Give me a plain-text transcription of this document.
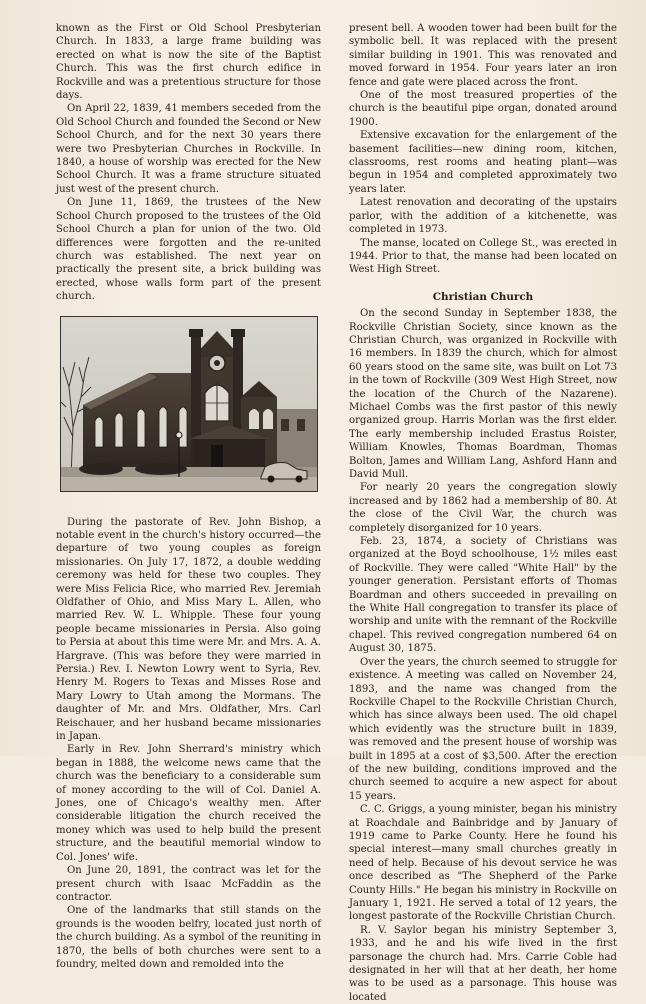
known as the First or Old School Presbyterian Church. In 1833, a large frame building was erected on what is now the site of the Baptist Church. This was the first church edifice in Rockville and was a pretentious structure for those days.

On April 22, 1839, 41 members seceded from the Old School Church and founded the Second or New School Church, and for the next 30 years there were two Presbyterian Churches in Rockville. In 1840, a house of worship was erected for the New School Church. It was a frame structure situated just west of the present church.

On June 11, 1869, the trustees of the New School Church proposed to the trustees of the Old School Church a plan for union of the two. Old differences were forgotten and the re-united church was established. The next year on practically the present site, a brick building was erected, whose walls form part of the present church.

During the pastorate of Rev. John Bishop, a notable event in the church's history occurred—the departure of two young couples as foreign missionaries. On July 17, 1872, a double wedding ceremony was held for these two couples. They were Miss Felicia Rice, who married Rev. Jeremiah Oldfather of Ohio, and Miss Mary L. Allen, who married Rev. W. L. Whipple. These four young people became missionaries in Persia. Also going to Persia at about this time were Mr. and Mrs. A. A. Hargrave. (This was before they were married in Persia.) Rev. I. Newton Lowry went to Syria, Rev. Henry M. Rogers to Texas and Misses Rose and Mary Lowry to Utah among the Mormans. The daughter of Mr. and Mrs. Oldfather, Mrs. Carl Reischauer, and her husband became missionaries in Japan.

Early in Rev. John Sherrard's ministry which began in 1888, the welcome news came that the church was the beneficiary to a considerable sum of money according to the will of Col. Daniel A. Jones, one of Chicago's wealthy men. After considerable litigation the church received the money which was used to help build the present structure, and the beautiful memorial window to Col. Jones' wife.

On June 20, 1891, the contract was let for the present church with Isaac McFaddin as the contractor.

One of the landmarks that still stands on the grounds is the wooden belfry, located just north of the church building. As a symbol of the reuniting in 1870, the bells of both churches were sent to a foundry, melted down and remolded into the

present bell. A wooden tower had been built for the symbolic bell. It was replaced with the present similar building in 1901. This was renovated and moved forward in 1954. Four years later an iron fence and gate were placed across the front.

One of the most treasured properties of the church is the beautiful pipe organ, donated around 1900.

Extensive excavation for the enlargement of the basement facilities—new dining room, kitchen, classrooms, rest rooms and heating plant—was begun in 1954 and completed approximately two years later.

Latest renovation and decorating of the upstairs parlor, with the addition of a kitchenette, was completed in 1973.

The manse, located on College St., was erected in 1944. Prior to that, the manse had been located on West High Street.

Christian Church

On the second Sunday in September 1838, the Rockville Christian Society, since known as the Christian Church, was organized in Rockville with 16 members. In 1839 the church, which for almost 60 years stood on the same site, was built on Lot 73 in the town of Rockville (309 West High Street, now the location of the Church of the Nazarene). Michael Combs was the first pastor of this newly organized group. Harris Morlan was the first elder. The early membership included Erastus Roister, William Knowles, Thomas Boardman, Thomas Bolton, James and William Lang, Ashford Hann and David Mull.

For nearly 20 years the congregation slowly increased and by 1862 had a membership of 80. At the close of the Civil War, the church was completely disorganized for 10 years.

Feb. 23, 1874, a society of Christians was organized at the Boyd schoolhouse, 1½ miles east of Rockville. They were called "White Hall" by the younger generation. Persistant efforts of Thomas Boardman and others succeeded in prevailing on the White Hall congregation to transfer its place of worship and unite with the remnant of the Rockville chapel. This revived congregation numbered 64 on August 30, 1875.

Over the years, the church seemed to struggle for existence. A meeting was called on November 24, 1893, and the name was changed from the Rockville Chapel to the Rockville Christian Church, which has since always been used. The old chapel which evidently was the structure built in 1839, was removed and the present house of worship was built in 1895 at a cost of $3,500. After the erection of the new building, conditions improved and the church seemed to acquire a new aspect for about 15 years.

C. C. Griggs, a young minister, began his ministry at Roachdale and Bainbridge and by January of 1919 came to Parke County. Here he found his special interest—many small churches greatly in need of help. Because of his devout service he was once described as "The Shepherd of the Parke County Hills." He began his ministry in Rockville on January 1, 1921. He served a total of 12 years, the longest pastorate of the Rockville Christian Church.

R. V. Saylor began his ministry September 3, 1933, and he and his wife lived in the first parsonage the church had. Mrs. Carrie Coble had designated in her will that at her death, her home was to be used as a parsonage. This house was located
